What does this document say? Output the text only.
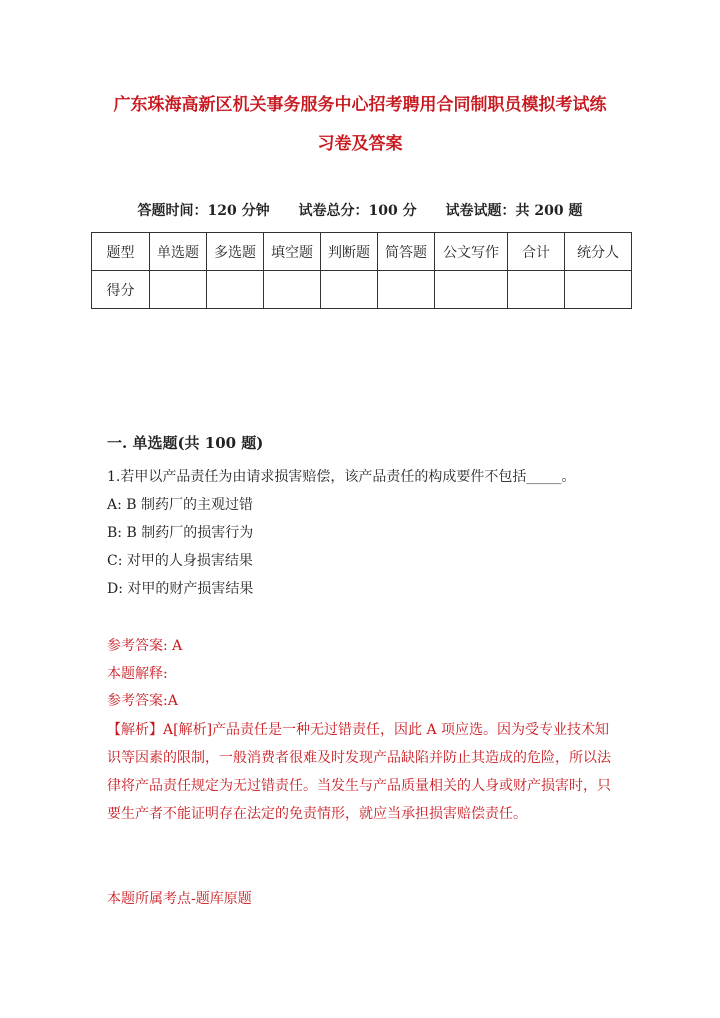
广东珠海高新区机关事务服务中心招考聘用合同制职员模拟考试练
习卷及答案
答题时间：120 分钟 试卷总分：100 分 试卷试题：共 200 题
题型	单选题	多选题	填空题	判断题	简答题	公文写作	合计	统分人
得分								
一. 单选题(共 100 题)
1.若甲以产品责任为由请求损害赔偿，该产品责任的构成要件不包括_____。
A: B 制药厂的主观过错
B: B 制药厂的损害行为
C: 对甲的人身损害结果
D: 对甲的财产损害结果
参考答案: A
本题解释:
参考答案:A
【解析】A[解析]产品责任是一种无过错责任，因此 A 项应选。因为受专业技术知识等因素的限制，一般消费者很难及时发现产品缺陷并防止其造成的危险，所以法律将产品责任规定为无过错责任。当发生与产品质量相关的人身或财产损害时，只要生产者不能证明存在法定的免责情形，就应当承担损害赔偿责任。
本题所属考点-题库原题
